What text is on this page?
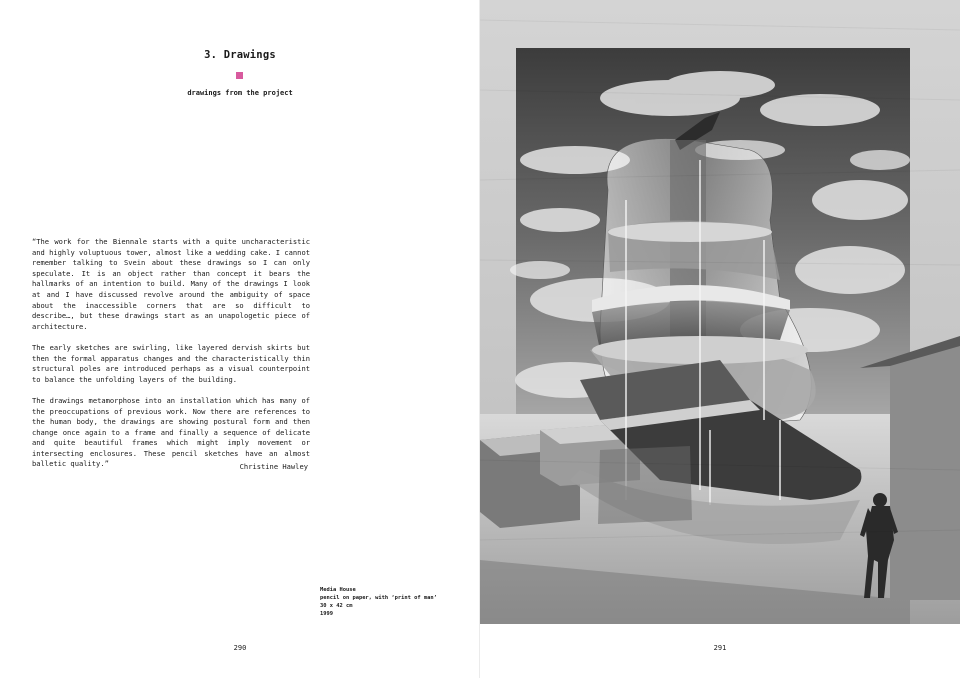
3. Drawings
drawings from the project

“The work for the Biennale starts with a quite uncharacteristic and highly voluptuous tower, almost like a wedding cake. I cannot remember talking to Svein about these drawings so I can only speculate. It is an object rather than concept it bears the hallmarks of an intention to build. Many of the drawings I look at and I have discussed revolve around the ambiguity of space about the inaccessible corners that are so difficult to describe…, but these drawings start as an unapologetic piece of architecture.

The early sketches are swirling, like layered dervish skirts but then the formal apparatus changes and the characteristically thin structural poles are introduced perhaps as a visual counterpoint to balance the unfolding layers of the building.

The drawings metamorphose into an installation which has many of the preoccupations of previous work. Now there are references to the human body, the drawings are showing postural form and then change once again to a frame and finally a sequence of delicate and quite beautiful frames which might imply movement or intersecting enclosures. These pencil sketches have an almost balletic quality.”	Christine Hawley
Media House
pencil on paper, with ‘print of man’
30 x 42 cm
1999
290	291
